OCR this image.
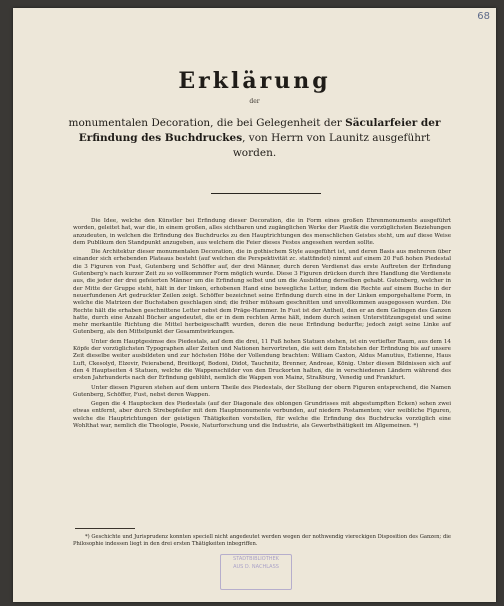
68
Erklärung
der
monumentalen Decoration, die bei Gelegenheit der Säcularfeier der
Erfindung des Buchdruckes, von Herrn von Launitz ausgeführt
worden.

Die Idee, welche den Künstler bei Erfindung dieser Decoration, die in Form eines großen Ehrenmonuments ausgeführt worden, geleitet hat, war die, in einem großen, alles sichtbaren und zugänglichen Werke der Plastik die vorzüglichsten Beziehungen anzudeuten, in welchen die Erfindung des Buchdrucks zu den Hauptrichtungen des menschlichen Geistes steht, um auf diese Weise dem Publikum den Standpunkt anzugeben, aus welchem die Feier dieses Festes angesehen werden sollte.

Die Architektur dieser monumentalen Decoration, die in gothischem Style ausgeführt ist, und deren Basis aus mehreren über einander sich erhebenden Plateaus besteht (auf welchen die Perspektivität zc. stattfindet) nimmt auf einem 20 Fuß hohen Piedestal die 3 Figuren von Fust, Gutenberg und Schöffer auf, der drei Männer, durch deren Verdienst das erste Auftreten der Erfindung Gutenberg's nach kurzer Zeit zu so vollkommner Form möglich wurde. Diese 3 Figuren drücken durch ihre Handlung die Verdienste aus, die jeder der drei gefeierten Männer um die Erfindung selbst und um die Ausbildung derselben gehabt. Gutenberg, welcher in der Mitte der Gruppe steht, hält in der linken, erhobenen Hand eine bewegliche Letter, indem die Rechte auf einem Buche in der neuerfundenen Art gedruckter Zeilen zeigt. Schöffer bezeichnet seine Erfindung durch eine in der Linken emporgehaltene Form, in welche die Matrizen der Buchstaben geschlagen sind; die früher mühsam geschnitten und unvollkommen ausgegossen wurden. Die Rechte hält die erhaben geschnittene Letter nebst dem Präge-Hammer. In Fust ist der Antheil, den er an dem Gelingen des Ganzen hatte, durch eine Anzahl Bücher angedeutet, die er in dem rechten Arme hält, indem durch seinen Unterstützungsgeist und seine mehr merkantile Richtung die Mittel herbeigeschafft wurden, deren die neue Erfindung bedurfte; jedoch zeigt seine Linke auf Gutenberg, als den Mittelpunkt der Gesammtwirkungen.

Unter dem Hauptgesimse des Piedestals, auf dem die drei, 11 Fuß hohen Statuen stehen, ist ein vertiefter Raum, aus dem 14 Köpfe der vorzüglichsten Typographen aller Zeiten und Nationen hervortreten, die seit dem Entstehen der Erfindung bis auf unsere Zeit dieselbe weiter ausbildeten und zur höchsten Höhe der Vollendung brachten: William Caxton, Aldus Manutius, Estienne, Haus Luft, Ckesolyd, Elzevir, Feierabend, Breitkopf, Bodoni, Didot, Tauchnitz, Brenner, Andreae, König. Unter diesen Bildnissen sich auf den 4 Hauptseiten 4 Statuen, welche die Wappenschilder von den Druckorten halten, die in verschiedenen Ländern während des ersten Jahrhunderts nach der Erfindung geblüht, nemlich die Wappen von Mainz, Straßburg, Venedig und Frankfurt.

Unter diesen Figuren stehen auf dem untern Theile des Piedestals, der Stellung der obern Figuren entsprechend, die Namen Gutenberg, Schöffer, Fust, nebst deren Wappen.

Gegen die 4 Hauptecken des Piedestals (auf der Diagonale des oblongen Grundrisses mit abgestumpften Ecken) sehen zwei etwas entfernt, aber durch Strebepfeiler mit dem Hauptmonumente verbunden, auf niedern Postamenten; vier weibliche Figuren, welche die Hauptrichtungen der geistigen Thätigkeiten vorstellen, für welche die Erfindung des Buchdrucks vorzüglich eine Wohlthat war, nemlich die Theologie, Poesie, Naturforschung und die Industrie, als Gewerbsthätigkeit im Allgemeinen. *)

*) Geschichte und Jurisprudenz konnten speciell nicht angedeutet werden wegen der nothwendig viereckigen Disposition des Ganzen; die Philosophie indessen liegt in den drei ersten Thätigkeiten inbegriffen.

STADTBIBLIOTHEK
AUS D. NACHLASS
